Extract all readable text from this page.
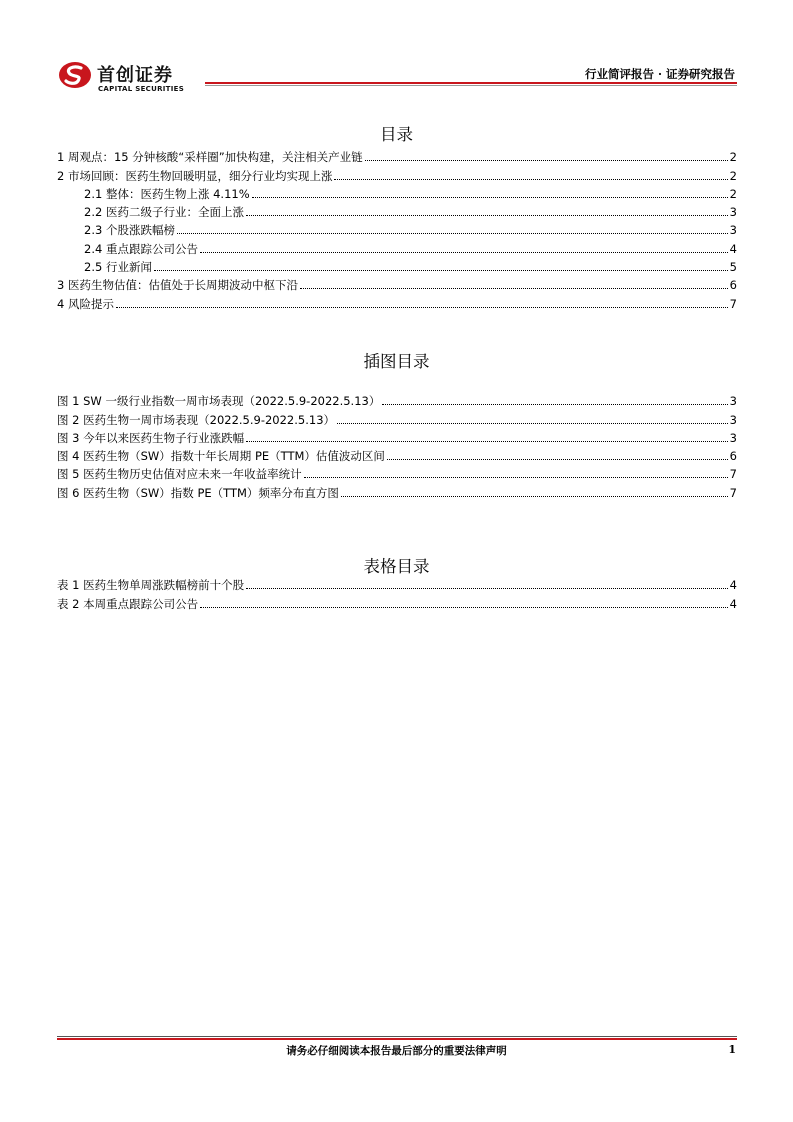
首创证券
CAPITAL SECURITIES
行业简评报告 · 证券研究报告
目录
1 周观点：15 分钟核酸“采样圈”加快构建，关注相关产业链	2
2 市场回顾：医药生物回暖明显，细分行业均实现上涨	2
2.1 整体：医药生物上涨 4.11%	2
2.2 医药二级子行业：全面上涨	3
2.3 个股涨跌幅榜	3
2.4 重点跟踪公司公告	4
2.5 行业新闻	5
3 医药生物估值：估值处于长周期波动中枢下沿	6
4 风险提示	7
插图目录
图 1 SW 一级行业指数一周市场表现（2022.5.9-2022.5.13）	3
图 2 医药生物一周市场表现（2022.5.9-2022.5.13）	3
图 3 今年以来医药生物子行业涨跌幅	3
图 4 医药生物（SW）指数十年长周期 PE（TTM）估值波动区间	6
图 5 医药生物历史估值对应未来一年收益率统计	7
图 6 医药生物（SW）指数 PE（TTM）频率分布直方图	7
表格目录
表 1 医药生物单周涨跌幅榜前十个股	4
表 2 本周重点跟踪公司公告	4
请务必仔细阅读本报告最后部分的重要法律声明	1
